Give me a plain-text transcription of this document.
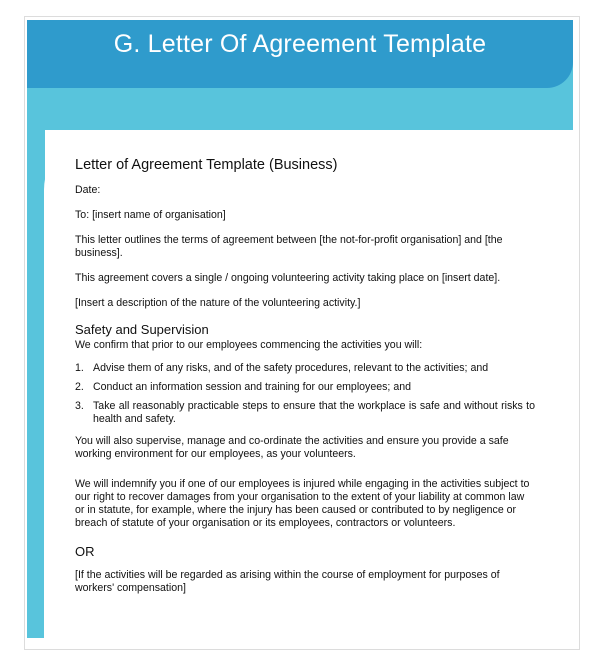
G. Letter Of Agreement Template
Letter of Agreement Template (Business)

Date:

To: [insert name of organisation]

This letter outlines the terms of agreement between [the not-for-profit organisation] and [the business].

This agreement covers a single / ongoing volunteering activity taking place on [insert date].

[Insert a description of the nature of the volunteering activity.]

Safety and Supervision

We confirm that prior to our employees commencing the activities you will:

1. Advise them of any risks, and of the safety procedures, relevant to the activities; and
2. Conduct an information session and training for our employees; and
3. Take all reasonably practicable steps to ensure that the workplace is safe and without risks to health and safety.

You will also supervise, manage and co-ordinate the activities and ensure you provide a safe working environment for our employees, as your volunteers.

We will indemnify you if one of our employees is injured while engaging in the activities subject to our right to recover damages from your organisation to the extent of your liability at common law or in statute, for example, where the injury has been caused or contributed to by negligence or breach of statute of your organisation or its employees, contractors or volunteers.

OR

[If the activities will be regarded as arising within the course of employment for purposes of workers' compensation]
